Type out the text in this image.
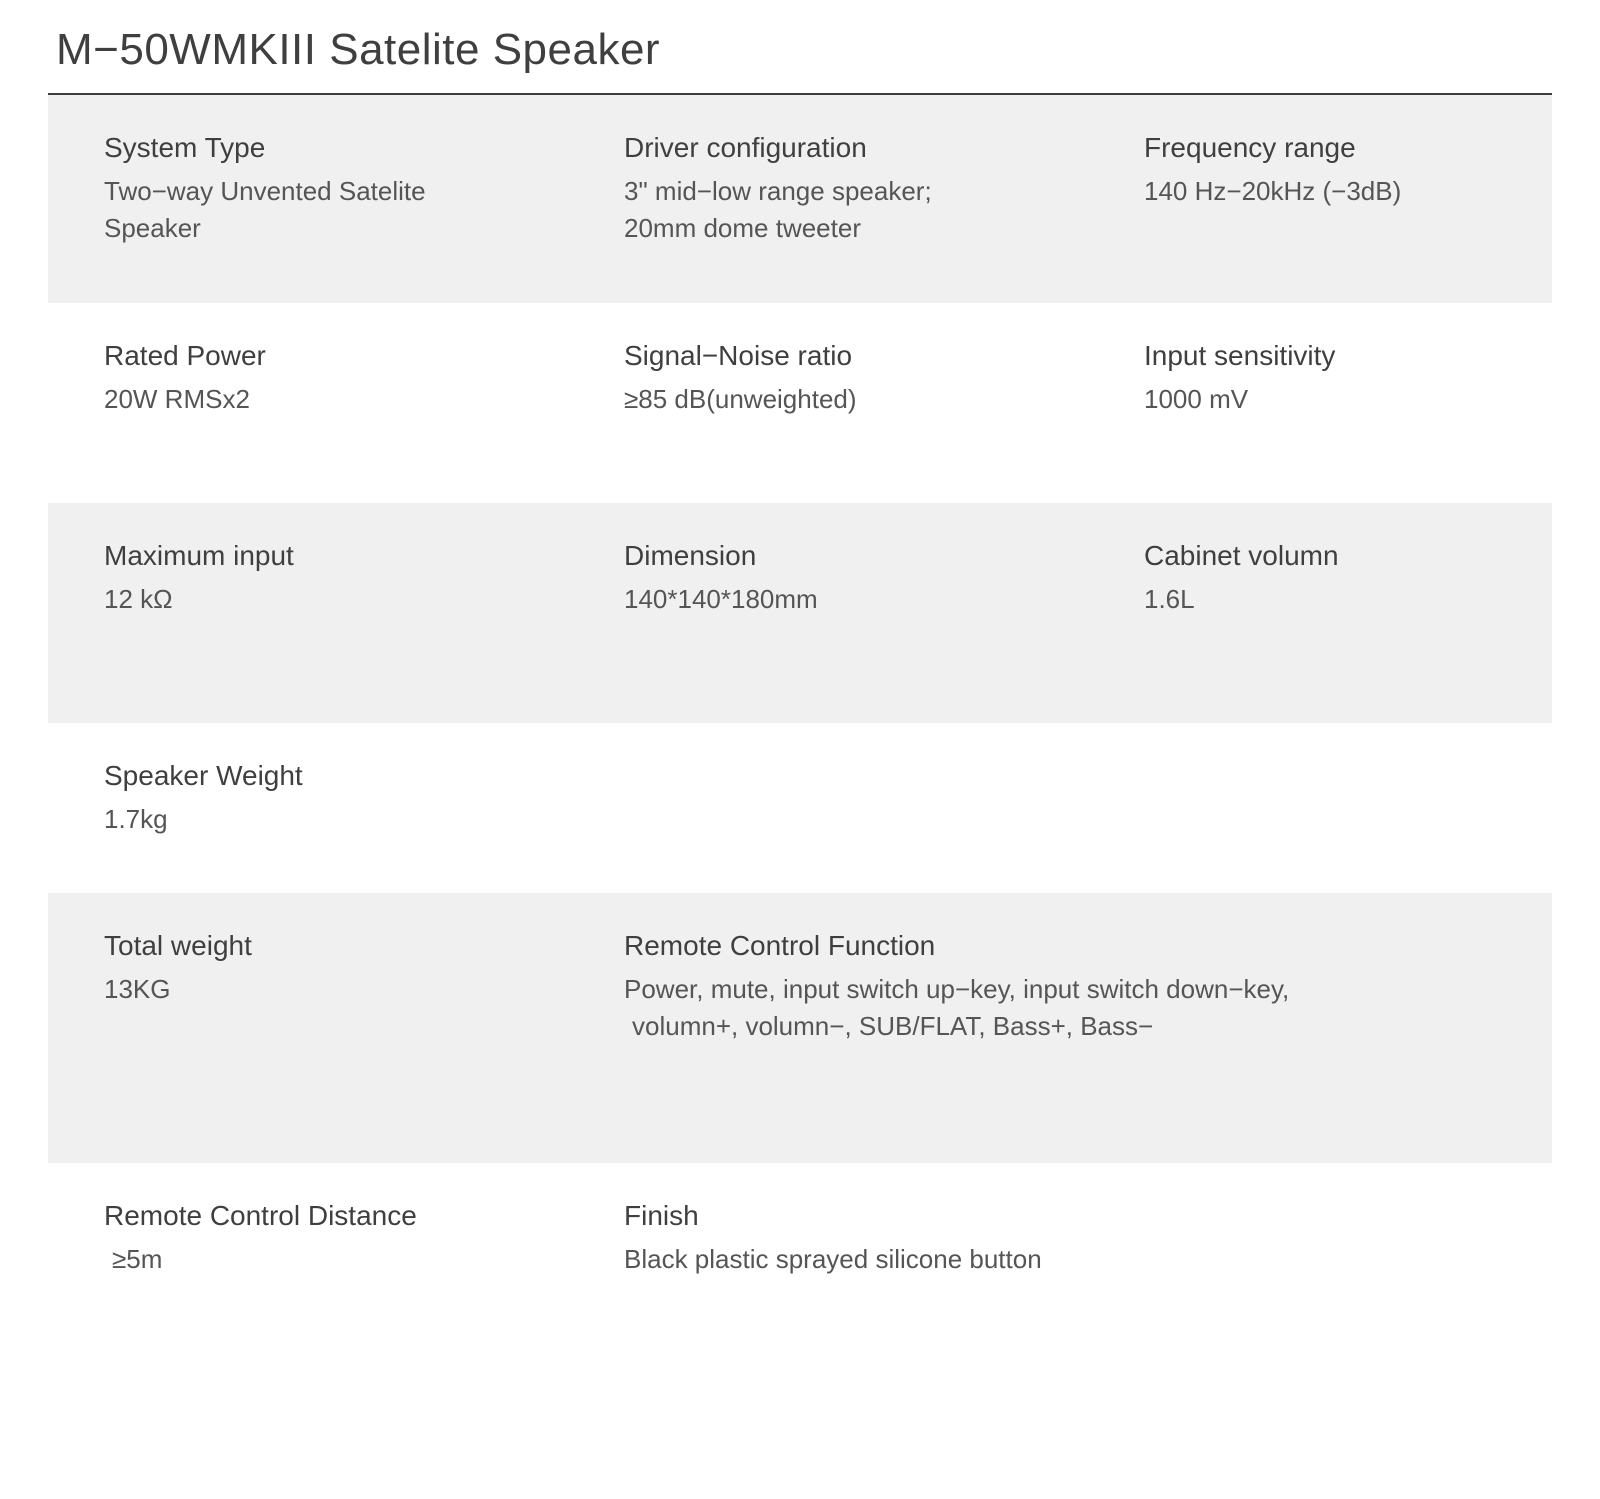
M−50WMKIII Satelite Speaker
System Type
Two−way Unvented Satelite
Speaker
Driver configuration
3" mid−low range speaker;
20mm dome tweeter
Frequency range
140 Hz−20kHz (−3dB)
Rated Power
20W RMSx2
Signal−Noise ratio
≥85 dB(unweighted)
Input sensitivity
1000 mV
Maximum input
12 kΩ
Dimension
140*140*180mm
Cabinet volumn
1.6L
Speaker Weight
1.7kg
Total weight
13KG
Remote Control Function
Power, mute, input switch up−key, input switch down−key,
volumn+, volumn−, SUB/FLAT, Bass+, Bass−
Remote Control Distance
≥5m
Finish
Black plastic sprayed silicone button
